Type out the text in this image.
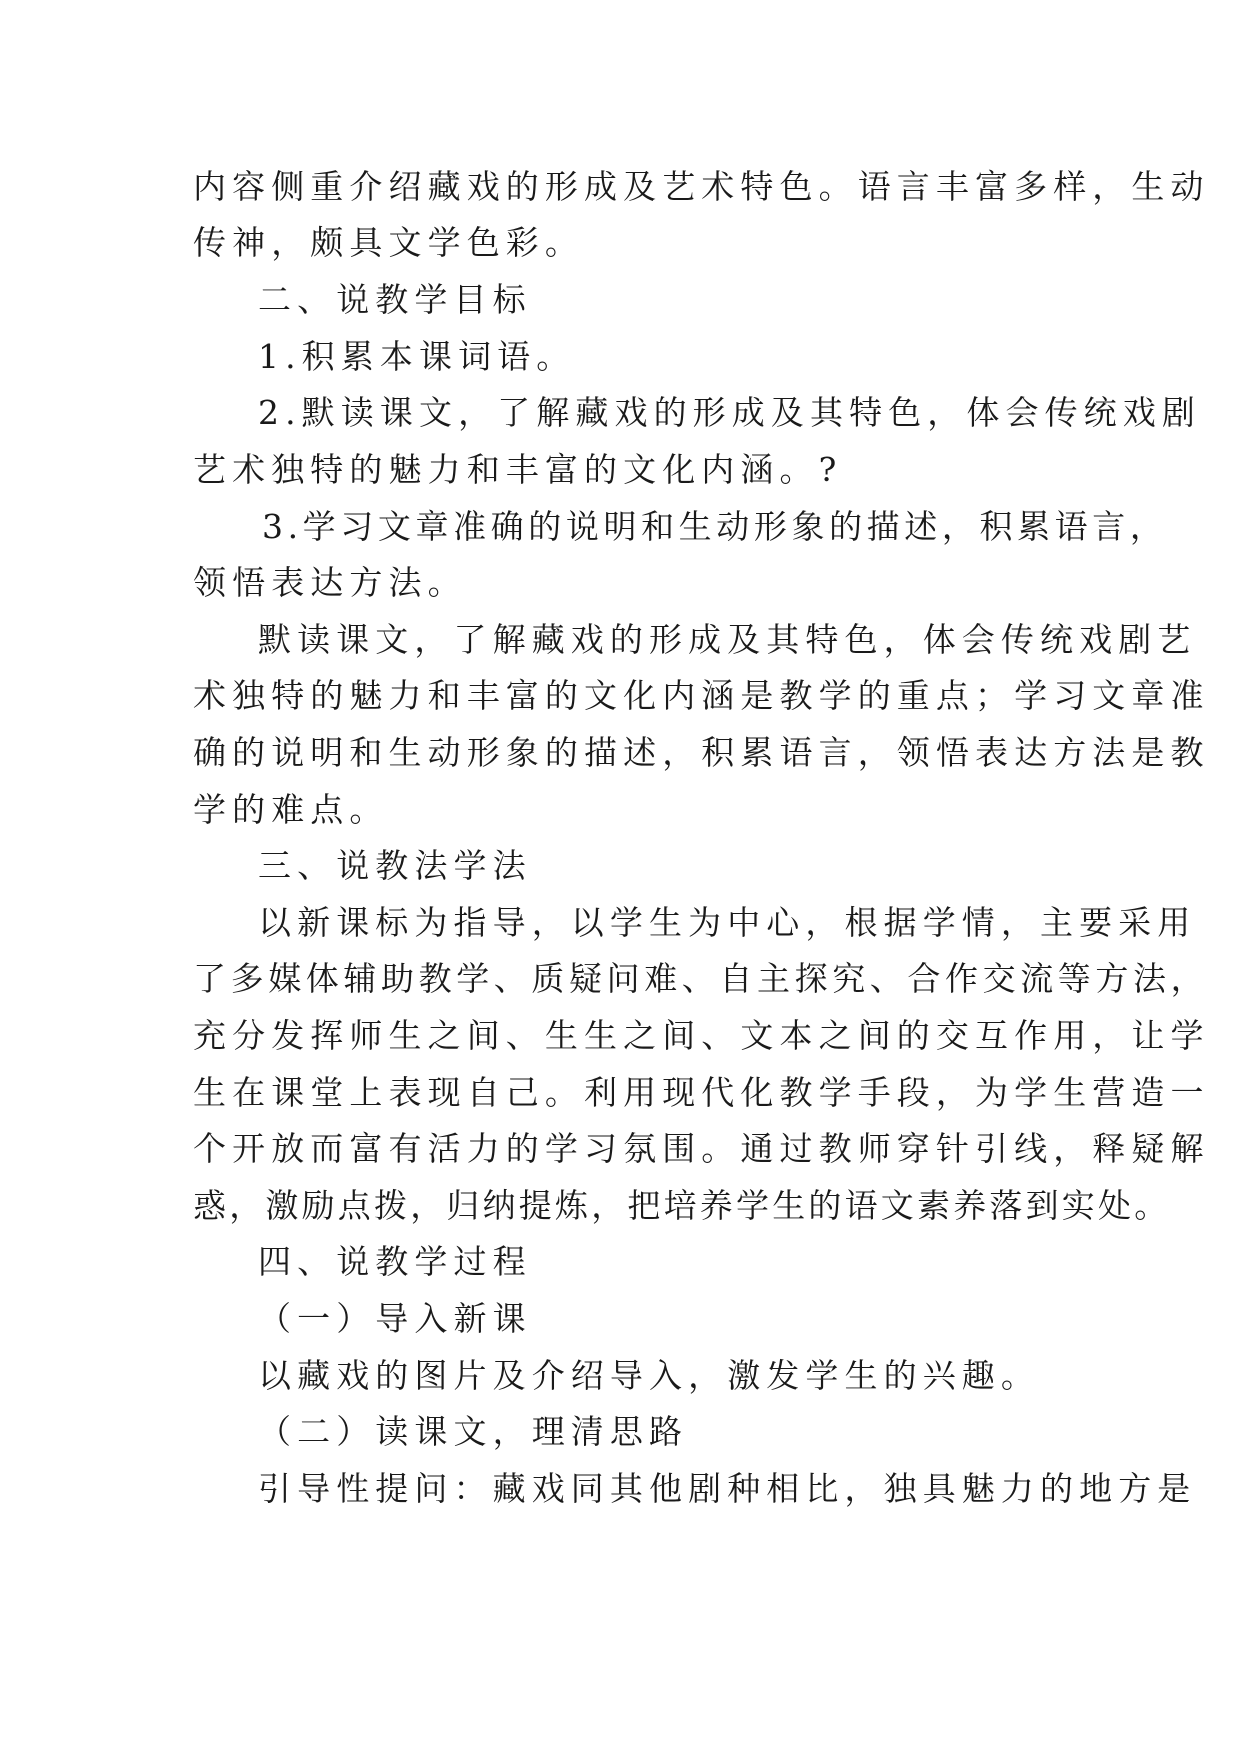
内容侧重介绍藏戏的形成及艺术特色。语言丰富多样，生动
传神，颇具文学色彩。
二、说教学目标
1.积累本课词语。
2.默读课文，了解藏戏的形成及其特色，体会传统戏剧
艺术独特的魅力和丰富的文化内涵。?
3.学习文章准确的说明和生动形象的描述，积累语言，
领悟表达方法。
默读课文，了解藏戏的形成及其特色，体会传统戏剧艺
术独特的魅力和丰富的文化内涵是教学的重点；学习文章准
确的说明和生动形象的描述，积累语言，领悟表达方法是教
学的难点。
三、说教法学法
以新课标为指导，以学生为中心，根据学情，主要采用
了多媒体辅助教学、质疑问难、自主探究、合作交流等方法，
充分发挥师生之间、生生之间、文本之间的交互作用，让学
生在课堂上表现自己。利用现代化教学手段，为学生营造一
个开放而富有活力的学习氛围。通过教师穿针引线，释疑解
惑，激励点拨，归纳提炼，把培养学生的语文素养落到实处。
四、说教学过程
（一）导入新课
以藏戏的图片及介绍导入，激发学生的兴趣。
（二）读课文，理清思路
引导性提问：藏戏同其他剧种相比，独具魅力的地方是
